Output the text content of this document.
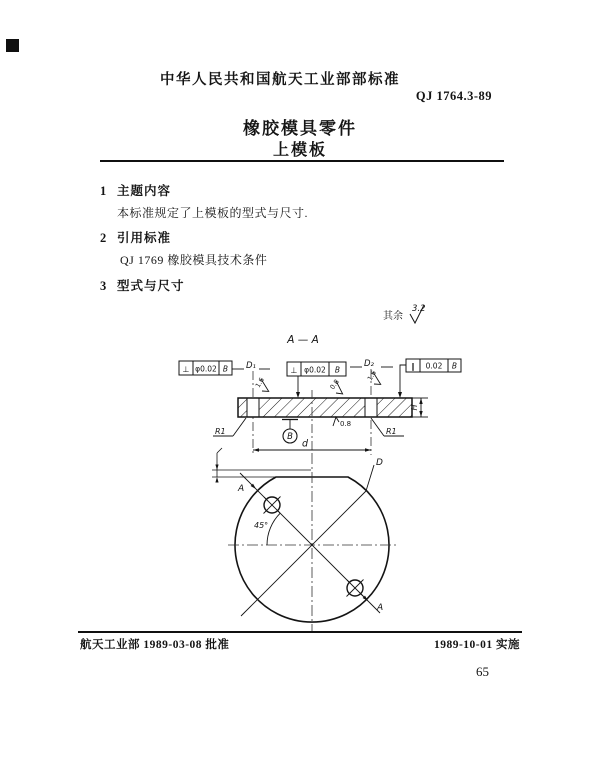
中华人民共和国航天工业部部标准
QJ 1764.3-89
橡胶模具零件
上模板
1 主题内容
本标准规定了上模板的型式与尺寸.
2 引用标准
QJ 1769 橡胶模具技术条件
3 型式与尺寸
其余
3.2
A — A
⊥ φ0.02 B D₁	⊥ φ0.02 B
D₂	∥ 0.02 B
1.6
1.6
0.8
H
R1	R1
B
0.8
d
A
A
D
45°
航天工业部 1989-03-08 批准	1989-10-01 实施
65
